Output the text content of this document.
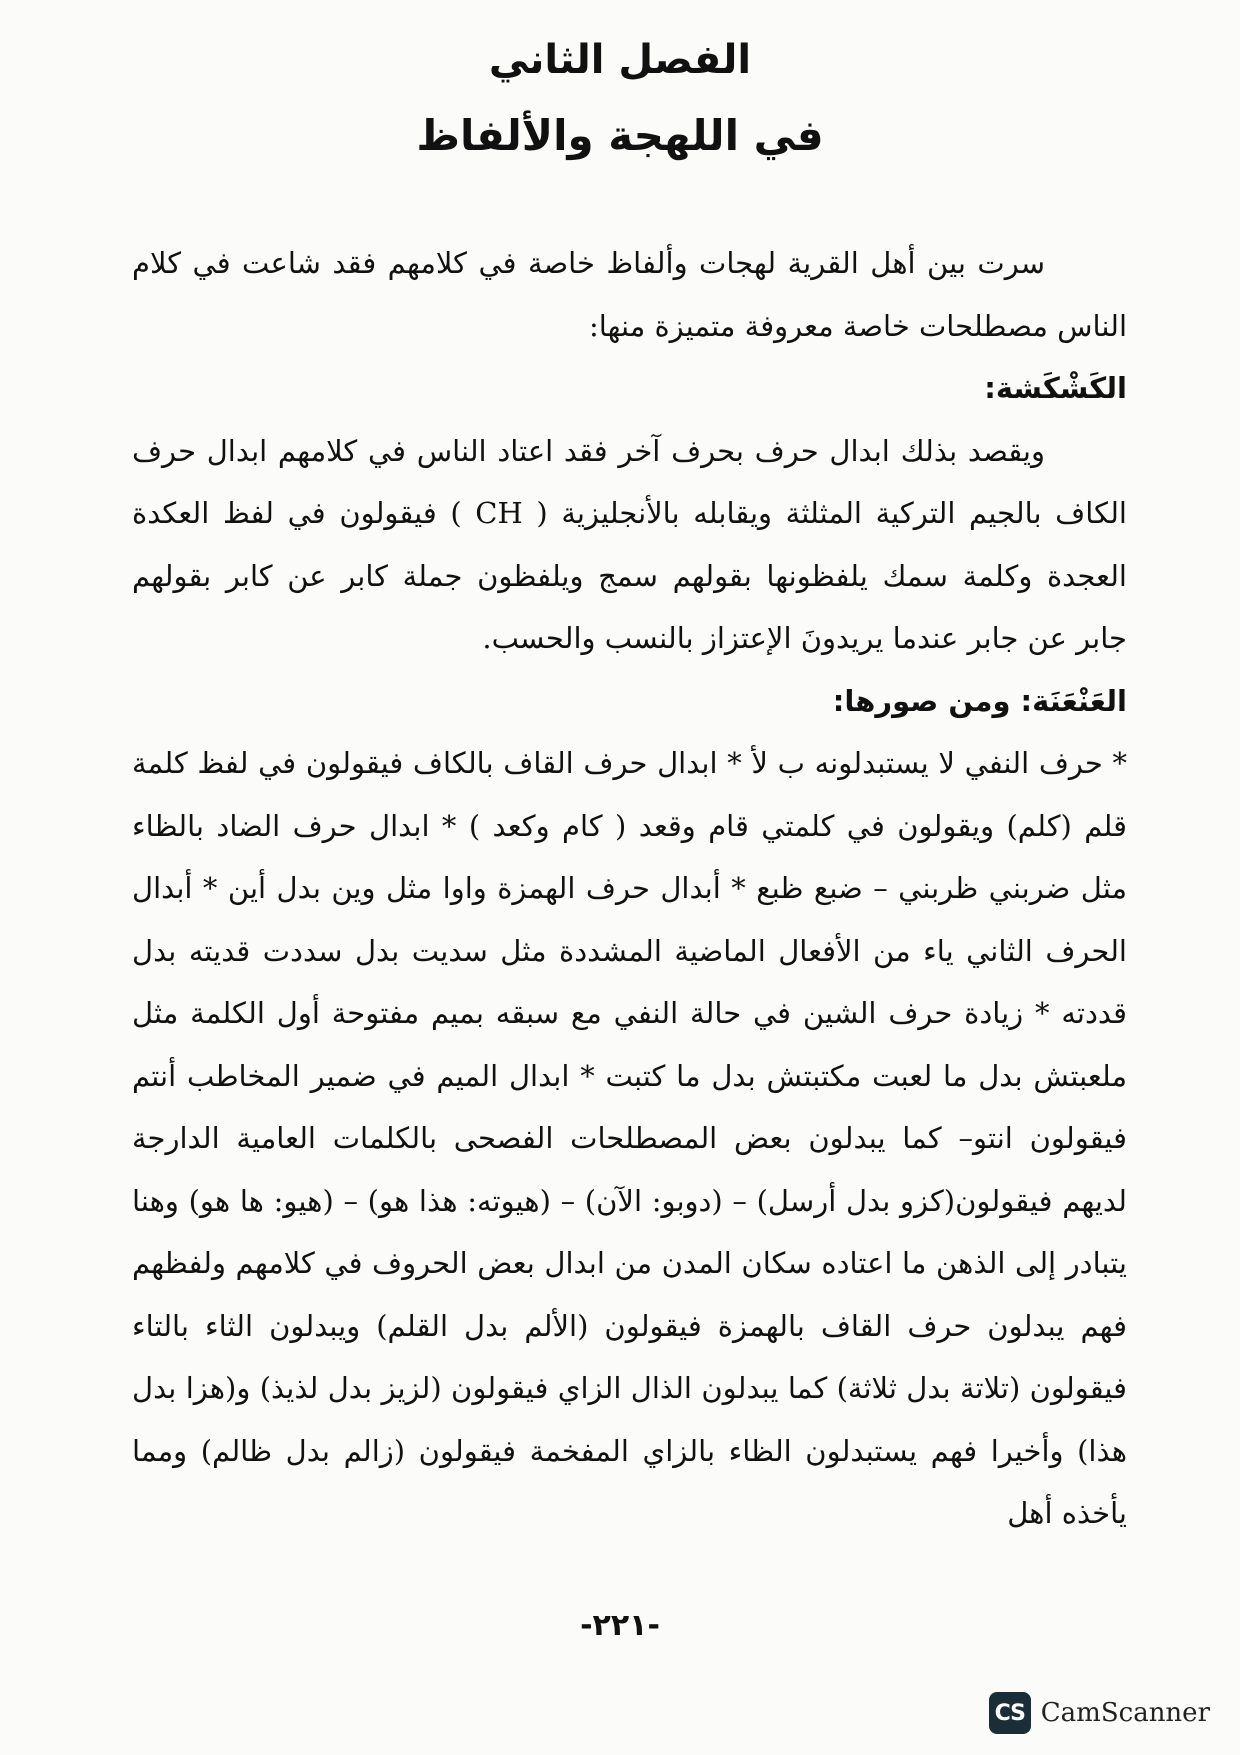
الفصل الثاني
في اللهجة والألفاظ

سرت بين أهل القرية لهجات وألفاظ خاصة في كلامهم فقد شاعت في كلام الناس مصطلحات خاصة معروفة متميزة منها:

الكَشْكَشة:

ويقصد بذلك ابدال حرف بحرف آخر فقد اعتاد الناس في كلامهم ابدال حرف الكاف بالجيم التركية المثلثة ويقابله بالأنجليزية ( CH ) فيقولون في لفظ العكدة العجدة وكلمة سمك يلفظونها بقولهم سمج ويلفظون جملة كابر عن كابر بقولهم جابر عن جابر عندما يريدونَ الإعتزاز بالنسب والحسب.

العَنْعَنَة: ومن صورها:

* حرف النفي لا يستبدلونه ب لأ * ابدال حرف القاف بالكاف فيقولون في لفظ كلمة قلم (كلم) ويقولون في كلمتي قام وقعد ( كام وكعد ) * ابدال حرف الضاد بالظاء مثل ضربني ظربني – ضبع ظبع * أبدال حرف الهمزة واوا مثل وين بدل أين * أبدال الحرف الثاني ياء من الأفعال الماضية المشددة مثل سديت بدل سددت قديته بدل قددته * زيادة حرف الشين في حالة النفي مع سبقه بميم مفتوحة أول الكلمة مثل ملعبتش بدل ما لعبت مكتبتش بدل ما كتبت * ابدال الميم في ضمير المخاطب أنتم فيقولون انتو– كما يبدلون بعض المصطلحات الفصحى بالكلمات العامية الدارجة لديهم فيقولون(كزو بدل أرسل) – (دوبو: الآن) – (هيوته: هذا هو) – (هيو: ها هو) وهنا يتبادر إلى الذهن ما اعتاده سكان المدن من ابدال بعض الحروف في كلامهم ولفظهم فهم يبدلون حرف القاف بالهمزة فيقولون (الألم بدل القلم) ويبدلون الثاء بالتاء فيقولون (تلاتة بدل ثلاثة) كما يبدلون الذال الزاي فيقولون (لزيز بدل لذيذ) و(هزا بدل هذا) وأخيرا فهم يستبدلون الظاء بالزاي المفخمة فيقولون (زالم بدل ظالم) ومما يأخذه أهل

-٢٢١-
CS CamScanner
